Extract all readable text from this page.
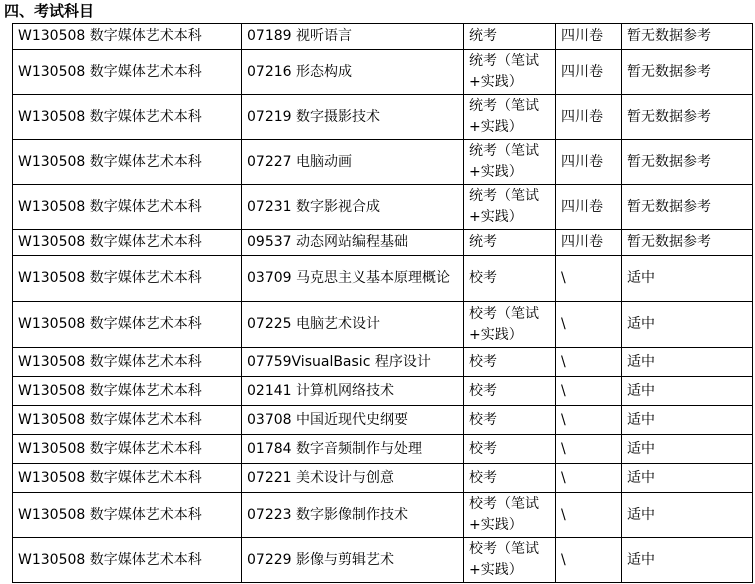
四、考试科目
W130508 数字媒体艺术本科	07189 视听语言	统考	四川卷	暂无数据参考
W130508 数字媒体艺术本科	07216 形态构成	统考（笔试+实践）	四川卷	暂无数据参考
W130508 数字媒体艺术本科	07219 数字摄影技术	统考（笔试+实践）	四川卷	暂无数据参考
W130508 数字媒体艺术本科	07227 电脑动画	统考（笔试+实践）	四川卷	暂无数据参考
W130508 数字媒体艺术本科	07231 数字影视合成	统考（笔试+实践）	四川卷	暂无数据参考
W130508 数字媒体艺术本科	09537 动态网站编程基础	统考	四川卷	暂无数据参考
W130508 数字媒体艺术本科	03709 马克思主义基本原理概论	校考	\	适中
W130508 数字媒体艺术本科	07225 电脑艺术设计	校考（笔试+实践）	\	适中
W130508 数字媒体艺术本科	07759VisualBasic 程序设计	校考	\	适中
W130508 数字媒体艺术本科	02141 计算机网络技术	校考	\	适中
W130508 数字媒体艺术本科	03708 中国近现代史纲要	校考	\	适中
W130508 数字媒体艺术本科	01784 数字音频制作与处理	校考	\	适中
W130508 数字媒体艺术本科	07221 美术设计与创意	校考	\	适中
W130508 数字媒体艺术本科	07223 数字影像制作技术	校考（笔试+实践）	\	适中
W130508 数字媒体艺术本科	07229 影像与剪辑艺术	校考（笔试+实践）	\	适中
